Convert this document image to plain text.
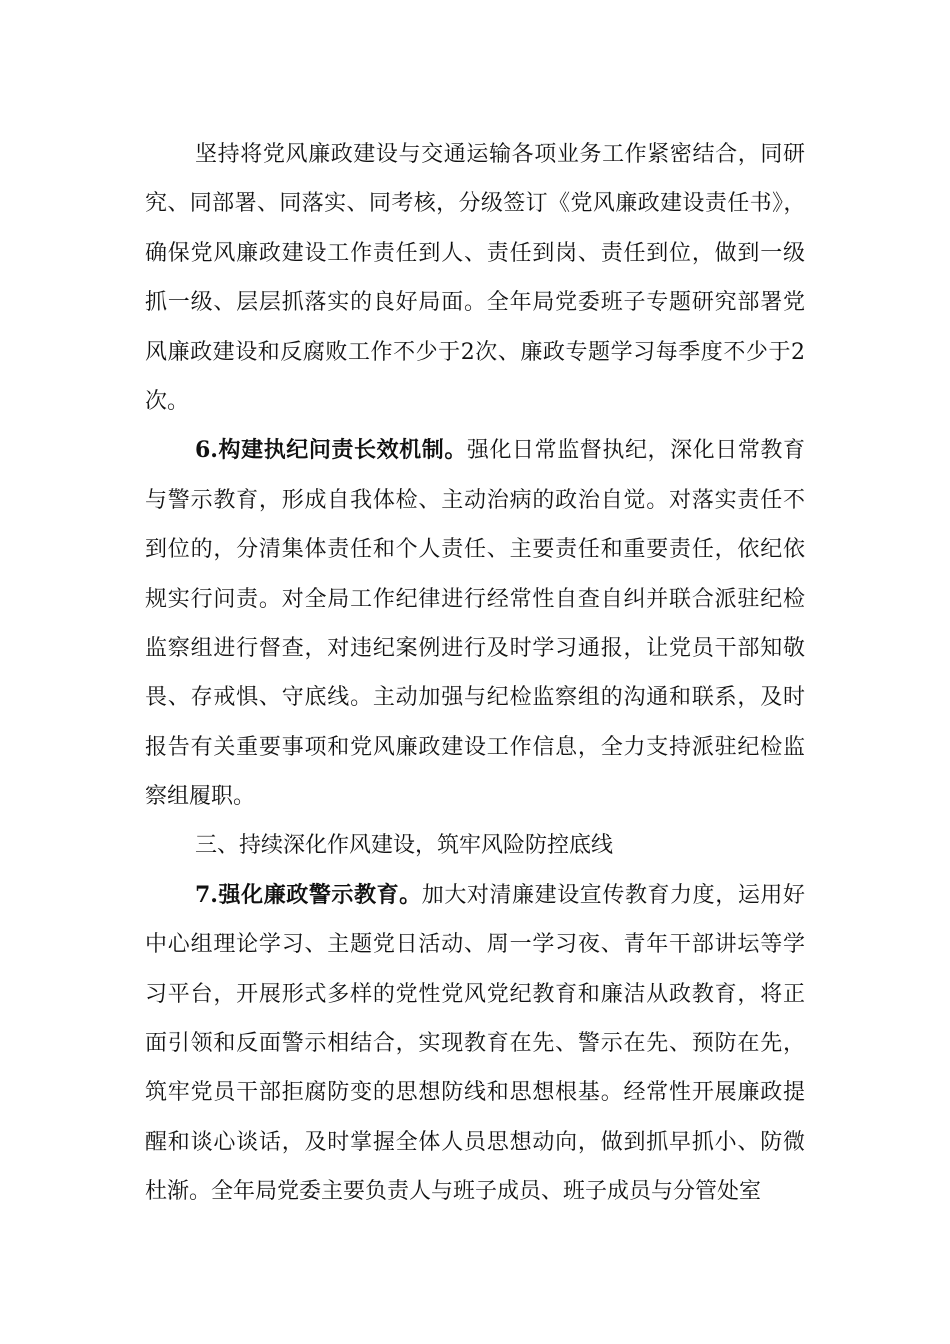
坚持将党风廉政建设与交通运输各项业务工作紧密结合，同研
究、同部署、同落实、同考核，分级签订《党风廉政建设责任书》，
确保党风廉政建设工作责任到人、责任到岗、责任到位，做到一级
抓一级、层层抓落实的良好局面。全年局党委班子专题研究部署党
风廉政建设和反腐败工作不少于2次、廉政专题学习每季度不少于2
次。
6.构建执纪问责长效机制。强化日常监督执纪，深化日常教育
与警示教育，形成自我体检、主动治病的政治自觉。对落实责任不
到位的，分清集体责任和个人责任、主要责任和重要责任，依纪依
规实行问责。对全局工作纪律进行经常性自查自纠并联合派驻纪检
监察组进行督查，对违纪案例进行及时学习通报，让党员干部知敬
畏、存戒惧、守底线。主动加强与纪检监察组的沟通和联系，及时
报告有关重要事项和党风廉政建设工作信息，全力支持派驻纪检监
察组履职。
三、持续深化作风建设，筑牢风险防控底线
7.强化廉政警示教育。加大对清廉建设宣传教育力度，运用好
中心组理论学习、主题党日活动、周一学习夜、青年干部讲坛等学
习平台，开展形式多样的党性党风党纪教育和廉洁从政教育，将正
面引领和反面警示相结合，实现教育在先、警示在先、预防在先，
筑牢党员干部拒腐防变的思想防线和思想根基。经常性开展廉政提
醒和谈心谈话，及时掌握全体人员思想动向，做到抓早抓小、防微
杜渐。全年局党委主要负责人与班子成员、班子成员与分管处室
